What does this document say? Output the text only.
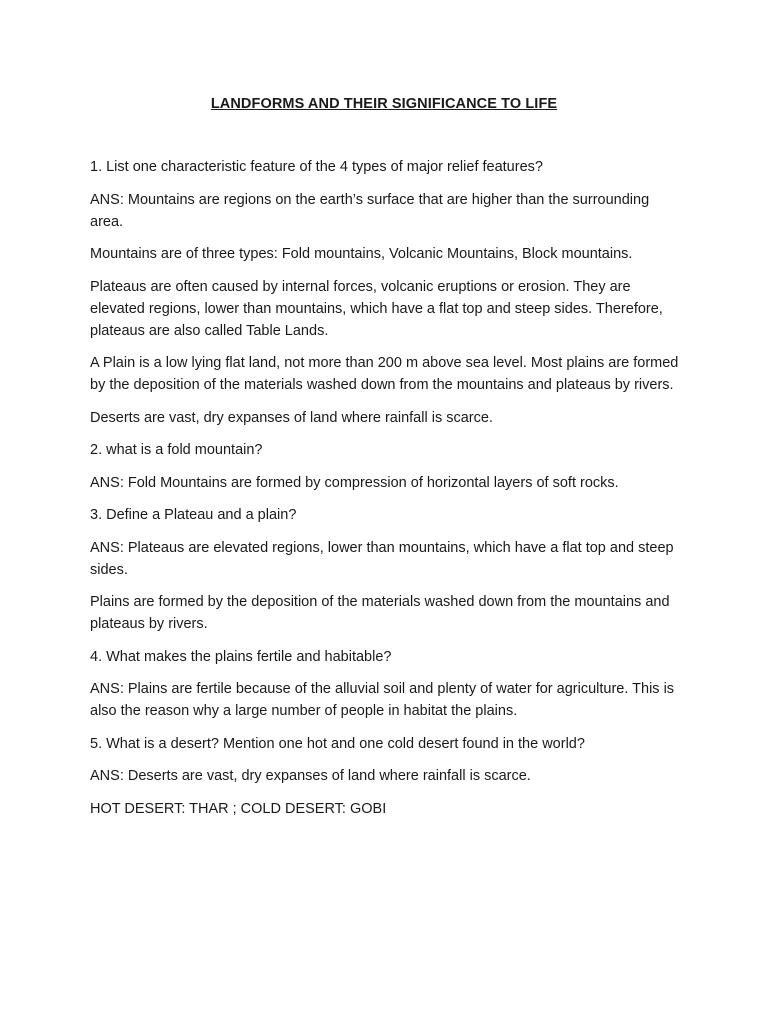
LANDFORMS AND THEIR SIGNIFICANCE TO LIFE

1. List one characteristic feature of the 4 types of major relief features?

ANS: Mountains are regions on the earth’s surface that are higher than the surrounding area.

Mountains are of three types: Fold mountains, Volcanic Mountains, Block mountains.

Plateaus are often caused by internal forces, volcanic eruptions or erosion. They are elevated regions, lower than mountains, which have a flat top and steep sides. Therefore, plateaus are also called Table Lands.

A Plain is a low lying flat land, not more than 200 m above sea level. Most plains are formed by the deposition of the materials washed down from the mountains and plateaus by rivers.

Deserts are vast, dry expanses of land where rainfall is scarce.

2. what is a fold mountain?

ANS: Fold Mountains are formed by compression of horizontal layers of soft rocks.

3. Define a Plateau and a plain?

ANS: Plateaus are elevated regions, lower than mountains, which have a flat top and steep sides.

Plains are formed by the deposition of the materials washed down from the mountains and plateaus by rivers.

4. What makes the plains fertile and habitable?

ANS: Plains are fertile because of the alluvial soil and plenty of water for agriculture. This is also the reason why a large number of people in habitat the plains.

5. What is a desert? Mention one hot and one cold desert found in the world?

ANS: Deserts are vast, dry expanses of land where rainfall is scarce.

HOT DESERT: THAR ; COLD DESERT: GOBI
